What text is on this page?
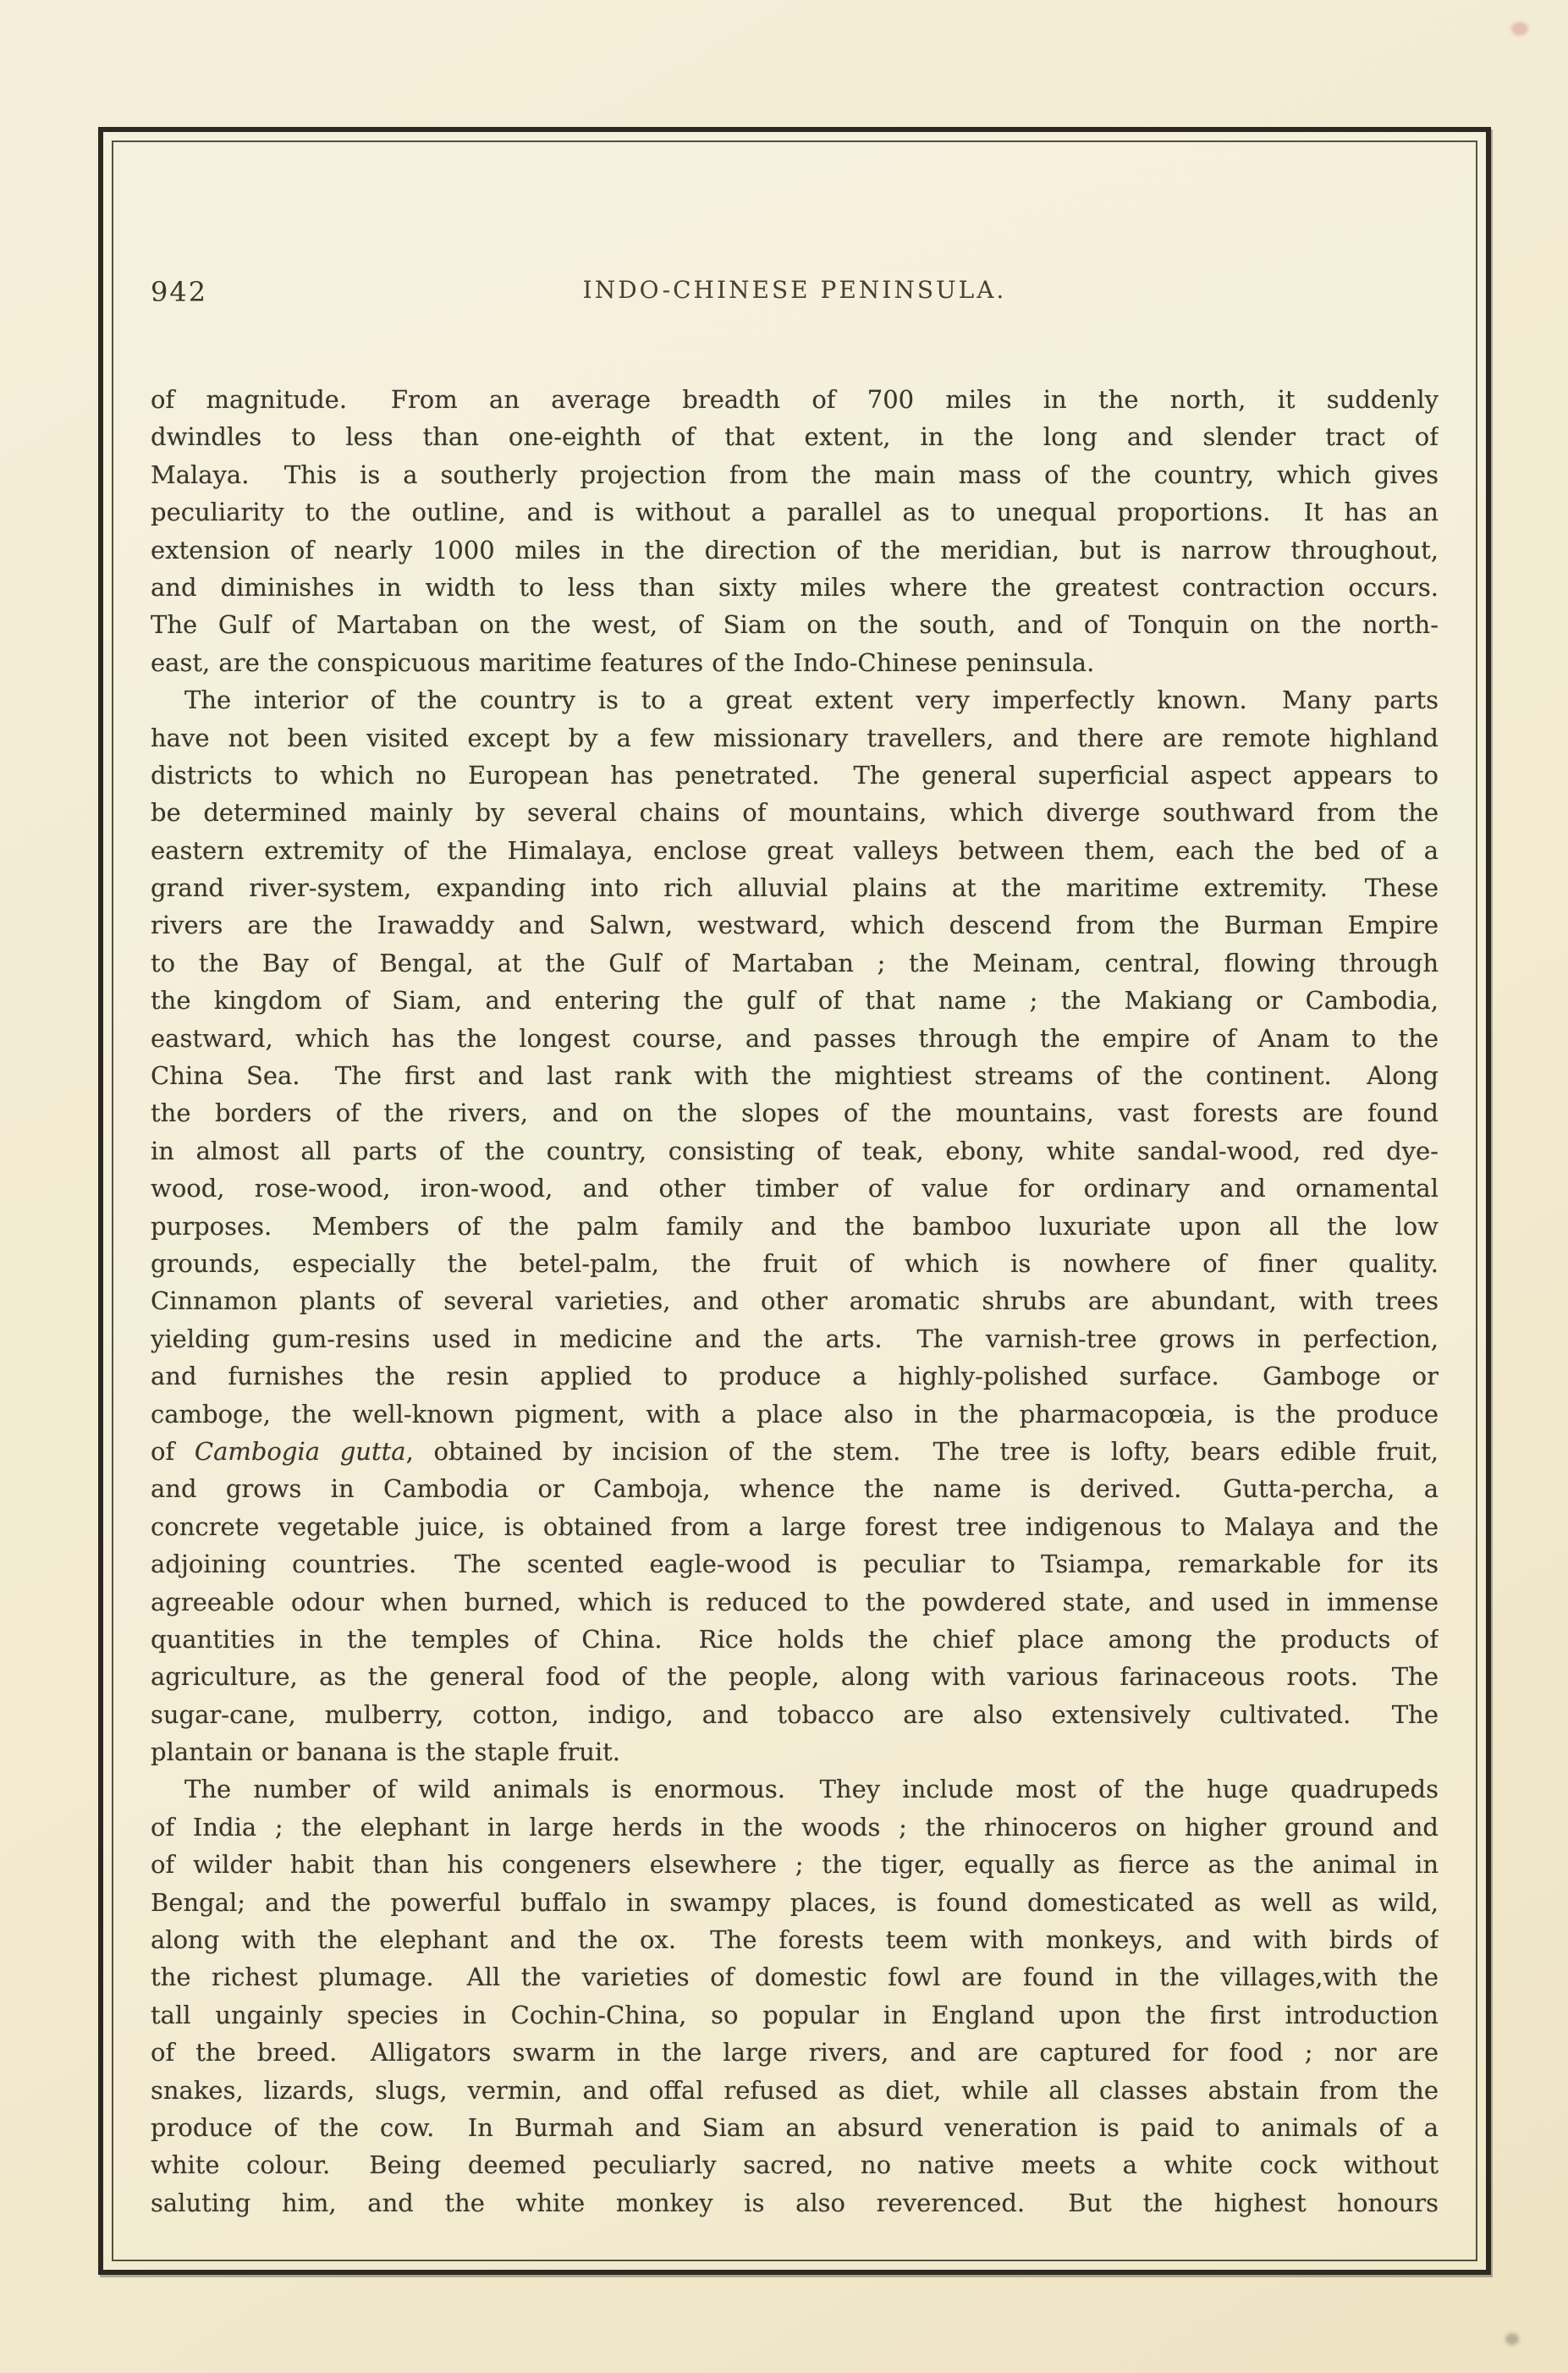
942	INDO-CHINESE PENINSULA.
of magnitude.  From an average breadth of 700 miles in the north, it suddenly
dwindles to less than one-eighth of that extent, in the long and slender tract of
Malaya.  This is a southerly projection from the main mass of the country, which gives
peculiarity to the outline, and is without a parallel as to unequal proportions.  It has an
extension of nearly 1000 miles in the direction of the meridian, but is narrow throughout,
and diminishes in width to less than sixty miles where the greatest contraction occurs.
The Gulf of Martaban on the west, of Siam on the south, and of Tonquin on the north-
east, are the conspicuous maritime features of the Indo-Chinese peninsula.
The interior of the country is to a great extent very imperfectly known.  Many parts
have not been visited except by a few missionary travellers, and there are remote highland
districts to which no European has penetrated.  The general superficial aspect appears to
be determined mainly by several chains of mountains, which diverge southward from the
eastern extremity of the Himalaya, enclose great valleys between them, each the bed of a
grand river-system, expanding into rich alluvial plains at the maritime extremity.  These
rivers are the Irawaddy and Salwn, westward, which descend from the Burman Empire
to the Bay of Bengal, at the Gulf of Martaban ; the Meinam, central, flowing through
the kingdom of Siam, and entering the gulf of that name ; the Makiang or Cambodia,
eastward, which has the longest course, and passes through the empire of Anam to the
China Sea.  The first and last rank with the mightiest streams of the continent.  Along
the borders of the rivers, and on the slopes of the mountains, vast forests are found
in almost all parts of the country, consisting of teak, ebony, white sandal-wood, red dye-
wood, rose-wood, iron-wood, and other timber of value for ordinary and ornamental
purposes.  Members of the palm family and the bamboo luxuriate upon all the low
grounds, especially the betel-palm, the fruit of which is nowhere of finer quality.
Cinnamon plants of several varieties, and other aromatic shrubs are abundant, with trees
yielding gum-resins used in medicine and the arts.  The varnish-tree grows in perfection,
and furnishes the resin applied to produce a highly-polished surface.  Gamboge or
camboge, the well-known pigment, with a place also in the pharmacopœia, is the produce
of Cambogia gutta, obtained by incision of the stem.  The tree is lofty, bears edible fruit,
and grows in Cambodia or Camboja, whence the name is derived.  Gutta-percha, a
concrete vegetable juice, is obtained from a large forest tree indigenous to Malaya and the
adjoining countries.  The scented eagle-wood is peculiar to Tsiampa, remarkable for its
agreeable odour when burned, which is reduced to the powdered state, and used in immense
quantities in the temples of China.  Rice holds the chief place among the products of
agriculture, as the general food of the people, along with various farinaceous roots.  The
sugar-cane, mulberry, cotton, indigo, and tobacco are also extensively cultivated.  The
plantain or banana is the staple fruit.
The number of wild animals is enormous.  They include most of the huge quadrupeds
of India ; the elephant in large herds in the woods ; the rhinoceros on higher ground and
of wilder habit than his congeners elsewhere ; the tiger, equally as fierce as the animal in
Bengal; and the powerful buffalo in swampy places, is found domesticated as well as wild,
along with the elephant and the ox.  The forests teem with monkeys, and with birds of
the richest plumage.  All the varieties of domestic fowl are found in the villages,with the
tall ungainly species in Cochin-China, so popular in England upon the first introduction
of the breed.  Alligators swarm in the large rivers, and are captured for food ; nor are
snakes, lizards, slugs, vermin, and offal refused as diet, while all classes abstain from the
produce of the cow.  In Burmah and Siam an absurd veneration is paid to animals of a
white colour.  Being deemed peculiarly sacred, no native meets a white cock without
saluting him, and the white monkey is also reverenced.  But the highest honours
